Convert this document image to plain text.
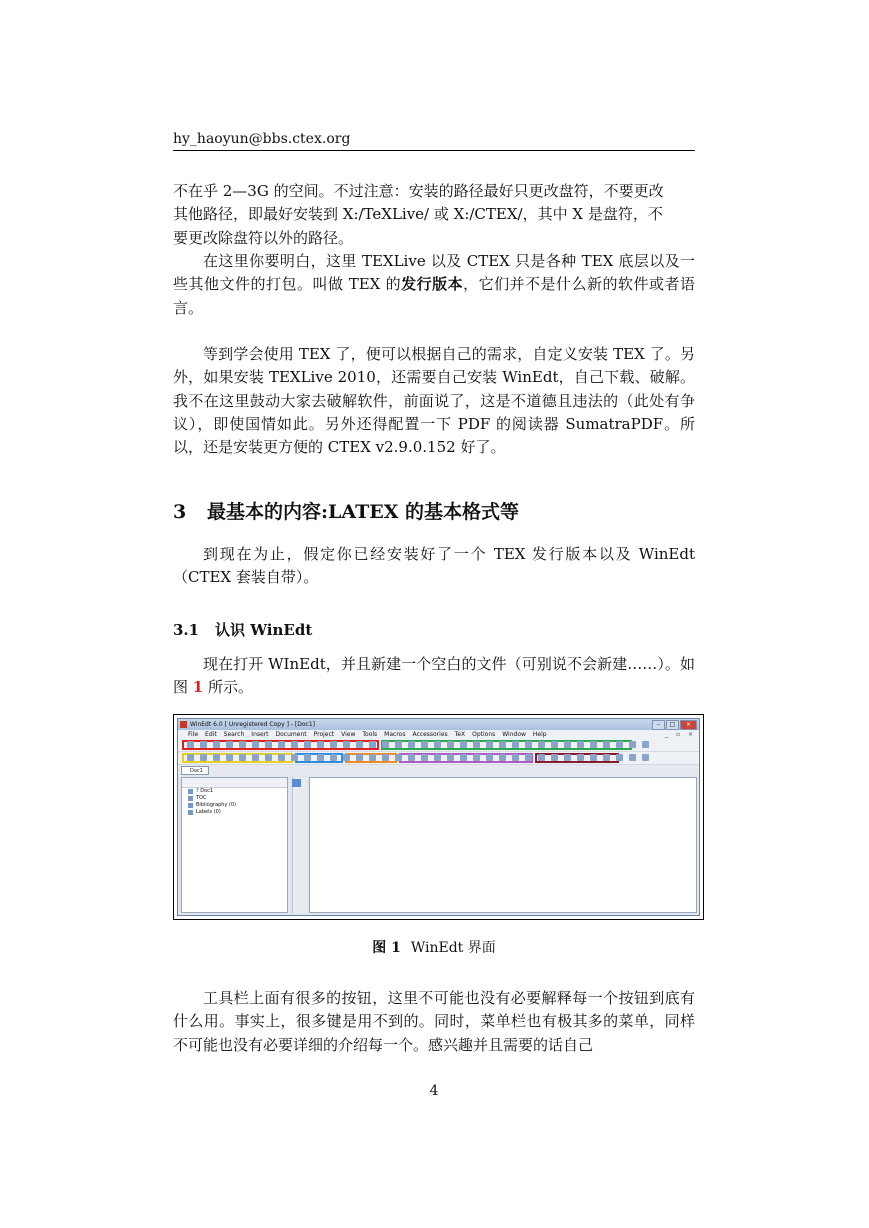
hy_haoyun@bbs.ctex.org
不在乎 2—3G 的空间。不过注意：安装的路径最好只更改盘符，不要更改
其他路径，即最好安装到 X:/TeXLive/ 或 X:/CTEX/，其中 X 是盘符，不
要更改除盘符以外的路径。
在这里你要明白，这里 TEXLive 以及 CTEX 只是各种 TEX 底层以及一些其他文件的打包。叫做 TEX 的发行版本，它们并不是什么新的软件或者语言。
等到学会使用 TEX 了，便可以根据自己的需求，自定义安装 TEX 了。另外，如果安装 TEXLive 2010，还需要自己安装 WinEdt，自己下载、破解。我不在这里鼓动大家去破解软件，前面说了，这是不道德且违法的（此处有争议），即使国情如此。另外还得配置一下 PDF 的阅读器 SumatraPDF。所以，还是安装更方便的 CTEX v2.9.0.152 好了。
3 最基本的内容:LATEX 的基本格式等
到现在为止，假定你已经安装好了一个 TEX 发行版本以及 WinEdt（CTEX 套装自带）。
3.1 认识 WinEdt
现在打开 WInEdt，并且新建一个空白的文件（可别说不会新建……）。如 图 1 所示。
WinEdt 6.0 [ Unregistered Copy ] - [Doc1]	–	□	×
File Edit Search Insert Document Project View Tools Macros Accessories TeX Options Window Help	_ ▫ ×
Doc1
? Doc1
TOC
Bibliography (0)
Labels (0)
图 1 WinEdt 界面
工具栏上面有很多的按钮，这里不可能也没有必要解释每一个按钮到底有什么用。事实上，很多键是用不到的。同时，菜单栏也有极其多的菜单，同样不可能也没有必要详细的介绍每一个。感兴趣并且需要的话自己
4
